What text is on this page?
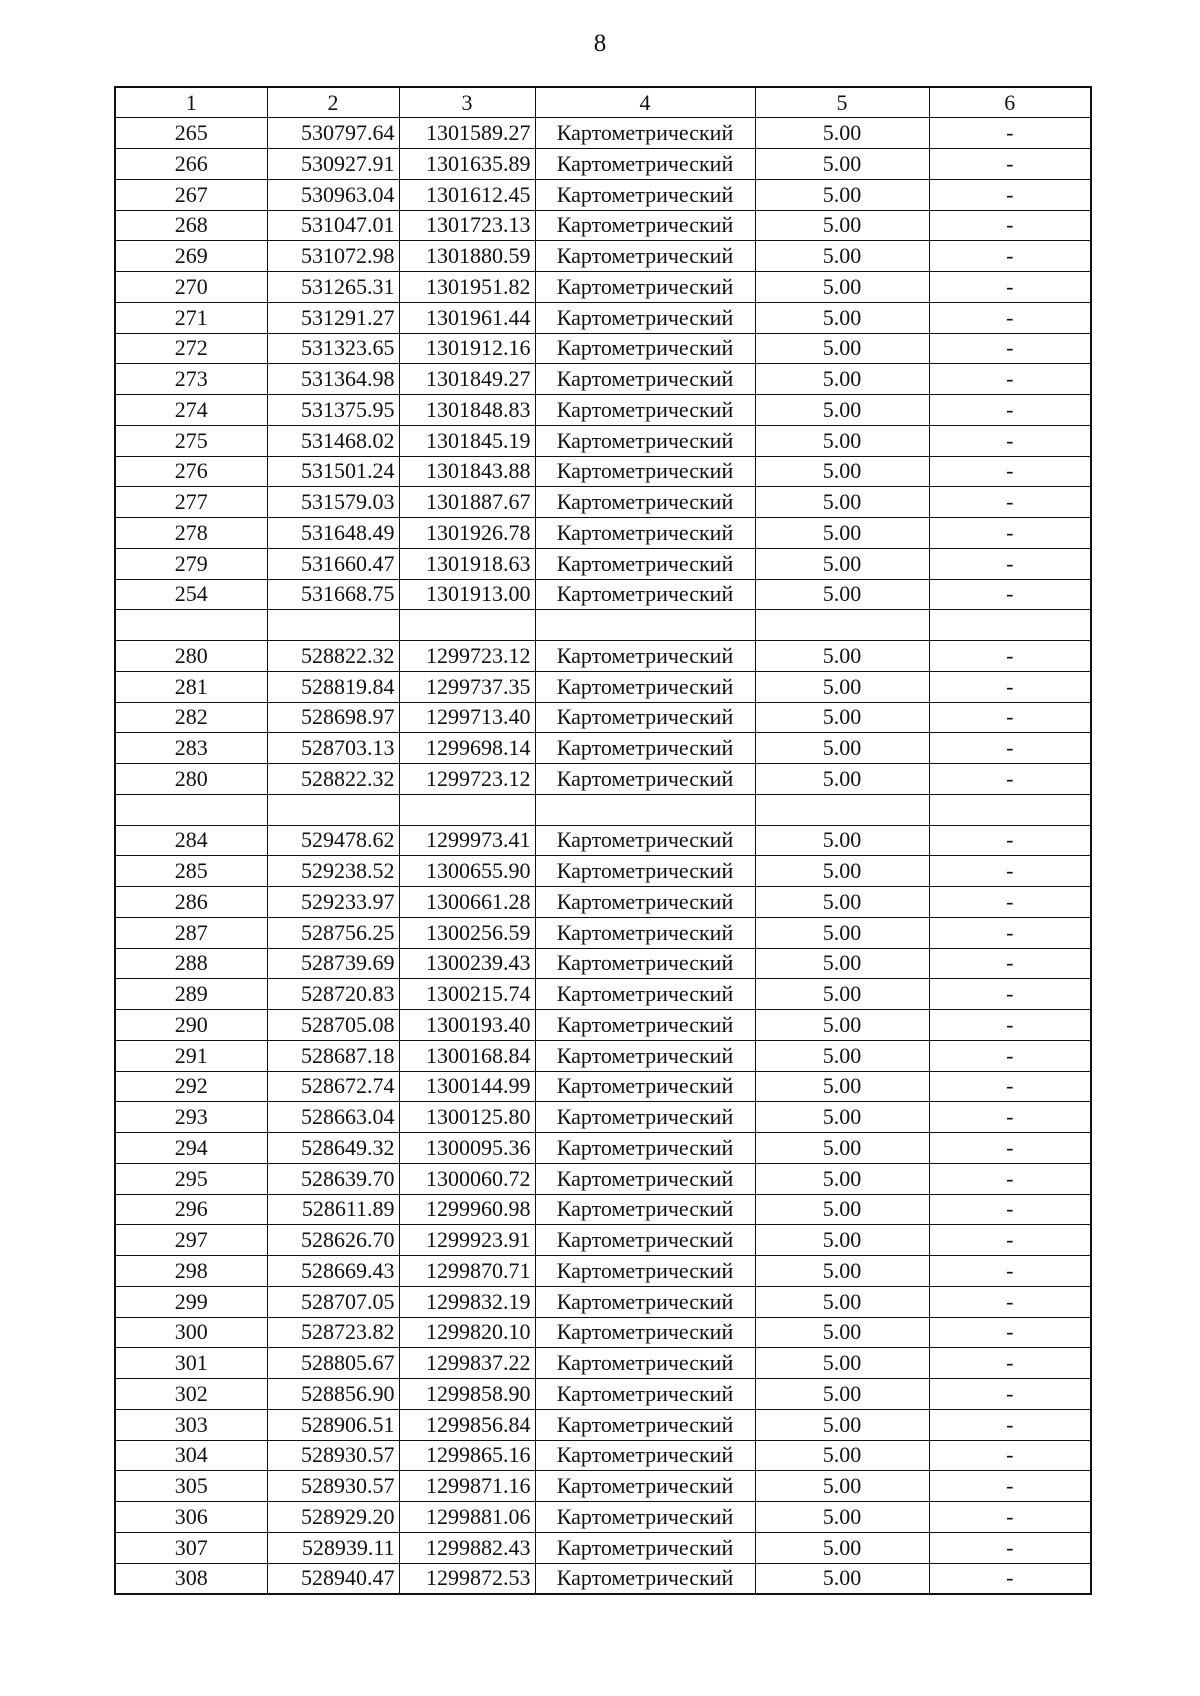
8
1	2	3	4	5	6
265	530797.64	1301589.27	Картометрический	5.00	-
266	530927.91	1301635.89	Картометрический	5.00	-
267	530963.04	1301612.45	Картометрический	5.00	-
268	531047.01	1301723.13	Картометрический	5.00	-
269	531072.98	1301880.59	Картометрический	5.00	-
270	531265.31	1301951.82	Картометрический	5.00	-
271	531291.27	1301961.44	Картометрический	5.00	-
272	531323.65	1301912.16	Картометрический	5.00	-
273	531364.98	1301849.27	Картометрический	5.00	-
274	531375.95	1301848.83	Картометрический	5.00	-
275	531468.02	1301845.19	Картометрический	5.00	-
276	531501.24	1301843.88	Картометрический	5.00	-
277	531579.03	1301887.67	Картометрический	5.00	-
278	531648.49	1301926.78	Картометрический	5.00	-
279	531660.47	1301918.63	Картометрический	5.00	-
254	531668.75	1301913.00	Картометрический	5.00	-

280	528822.32	1299723.12	Картометрический	5.00	-
281	528819.84	1299737.35	Картометрический	5.00	-
282	528698.97	1299713.40	Картометрический	5.00	-
283	528703.13	1299698.14	Картометрический	5.00	-
280	528822.32	1299723.12	Картометрический	5.00	-

284	529478.62	1299973.41	Картометрический	5.00	-
285	529238.52	1300655.90	Картометрический	5.00	-
286	529233.97	1300661.28	Картометрический	5.00	-
287	528756.25	1300256.59	Картометрический	5.00	-
288	528739.69	1300239.43	Картометрический	5.00	-
289	528720.83	1300215.74	Картометрический	5.00	-
290	528705.08	1300193.40	Картометрический	5.00	-
291	528687.18	1300168.84	Картометрический	5.00	-
292	528672.74	1300144.99	Картометрический	5.00	-
293	528663.04	1300125.80	Картометрический	5.00	-
294	528649.32	1300095.36	Картометрический	5.00	-
295	528639.70	1300060.72	Картометрический	5.00	-
296	528611.89	1299960.98	Картометрический	5.00	-
297	528626.70	1299923.91	Картометрический	5.00	-
298	528669.43	1299870.71	Картометрический	5.00	-
299	528707.05	1299832.19	Картометрический	5.00	-
300	528723.82	1299820.10	Картометрический	5.00	-
301	528805.67	1299837.22	Картометрический	5.00	-
302	528856.90	1299858.90	Картометрический	5.00	-
303	528906.51	1299856.84	Картометрический	5.00	-
304	528930.57	1299865.16	Картометрический	5.00	-
305	528930.57	1299871.16	Картометрический	5.00	-
306	528929.20	1299881.06	Картометрический	5.00	-
307	528939.11	1299882.43	Картометрический	5.00	-
308	528940.47	1299872.53	Картометрический	5.00	-
